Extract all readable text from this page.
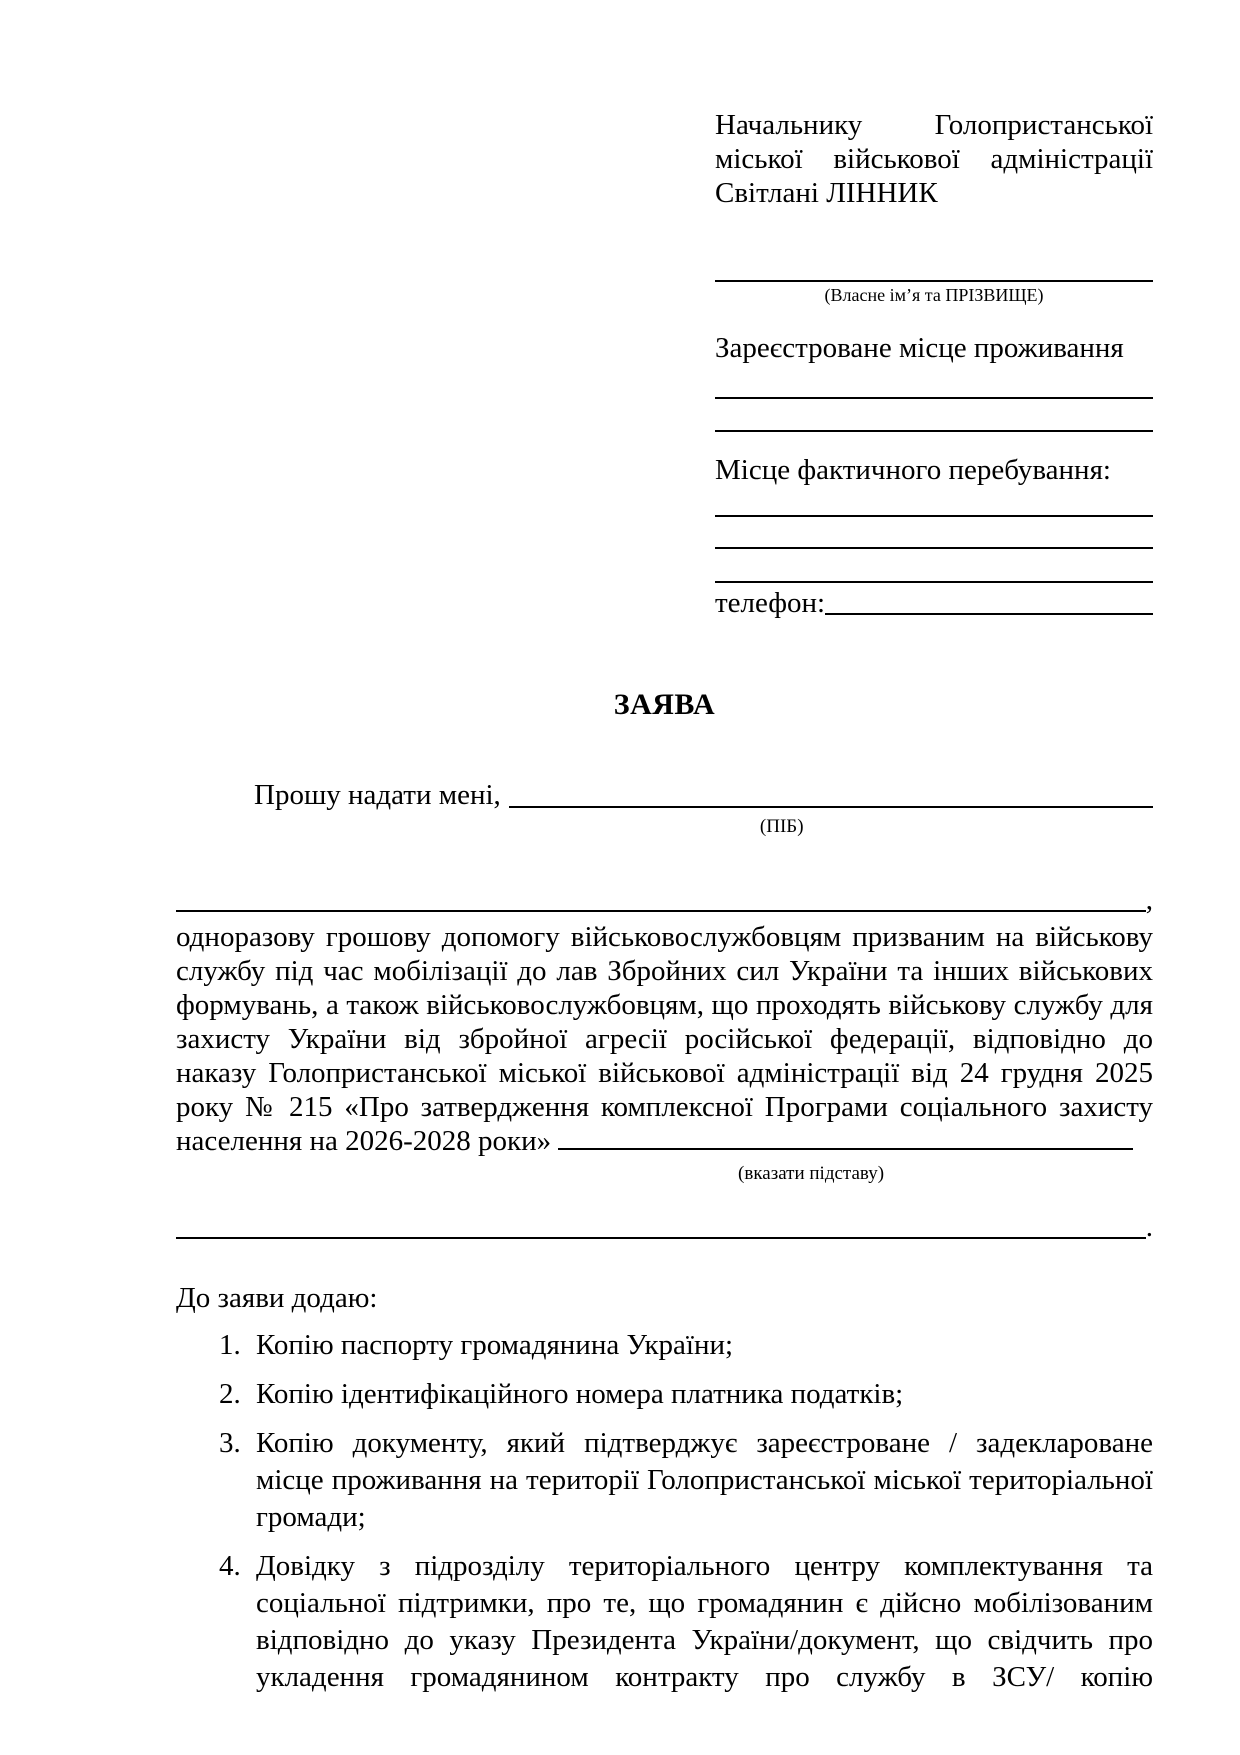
Начальнику Голопристанської міської військової адміністрації Світлані ЛІННИК

(Власне ім’я та ПРІЗВИЩЕ)

Зареєстроване місце проживання

Місце фактичного перебування:

телефон:
ЗАЯВА
Прошу надати мені,
(ПІБ)
,

одноразову грошову допомогу військовослужбовцям призваним на військову службу під час мобілізації до лав Збройних сил України та інших військових формувань, а також військовослужбовцям, що проходять військову службу для захисту України від збройної агресії російської федерації, відповідно до наказу Голопристанської міської військової адміністрації від 24 грудня 2025 року № 215 «Про затвердження комплексної Програми соціального захисту населення на 2026-2028 роки»

(вказати підставу)
.

До заяви додаю:

1. Копію паспорту громадянина України;
2. Копію ідентифікаційного номера платника податків;
3. Копію документу, який підтверджує зареєстроване / задеклароване місце проживання на території Голопристанської міської територіальної громади;
4. Довідку з підрозділу територіального центру комплектування та соціальної підтримки, про те, що громадянин є дійсно мобілізованим відповідно до указу Президента України/документ, що свідчить про укладення громадянином контракту про службу в ЗСУ/ копію
